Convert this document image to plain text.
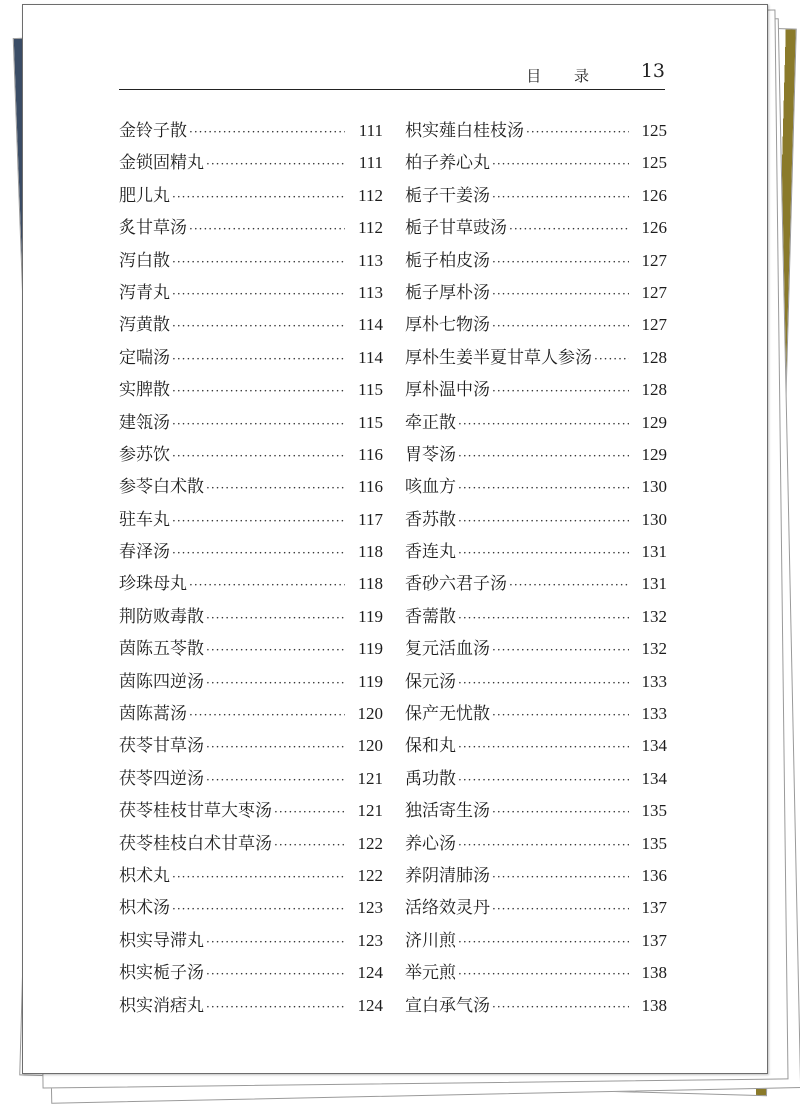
目 录 13
金铃子散 ·····	111
金锁固精丸 ·····	111
肥儿丸 ·····	112
炙甘草汤 ·····	112
泻白散 ·····	113
泻青丸 ·····	113
泻黄散 ·····	114
定喘汤 ·····	114
实脾散 ·····	115
建瓴汤 ·····	115
参苏饮 ·····	116
参苓白术散 ·····	116
驻车丸 ·····	117
春泽汤 ·····	118
珍珠母丸 ·····	118
荆防败毒散 ·····	119
茵陈五苓散 ·····	119
茵陈四逆汤 ·····	119
茵陈蒿汤 ·····	120
茯苓甘草汤 ·····	120
茯苓四逆汤 ·····	121
茯苓桂枝甘草大枣汤 ·····	121
茯苓桂枝白术甘草汤 ·····	122
枳术丸 ·····	122
枳术汤 ·····	123
枳实导滞丸 ·····	123
枳实栀子汤 ·····	124
枳实消痞丸 ·····	124
枳实薤白桂枝汤 ·····	125
柏子养心丸 ·····	125
栀子干姜汤 ·····	126
栀子甘草豉汤 ·····	126
栀子柏皮汤 ·····	127
栀子厚朴汤 ·····	127
厚朴七物汤 ·····	127
厚朴生姜半夏甘草人参汤 ·····	128
厚朴温中汤 ·····	128
牵正散 ·····	129
胃苓汤 ·····	129
咳血方 ·····	130
香苏散 ·····	130
香连丸 ·····	131
香砂六君子汤 ·····	131
香薷散 ·····	132
复元活血汤 ·····	132
保元汤 ·····	133
保产无忧散 ·····	133
保和丸 ·····	134
禹功散 ·····	134
独活寄生汤 ·····	135
养心汤 ·····	135
养阴清肺汤 ·····	136
活络效灵丹 ·····	137
济川煎 ·····	137
举元煎 ·····	138
宣白承气汤 ·····	138
